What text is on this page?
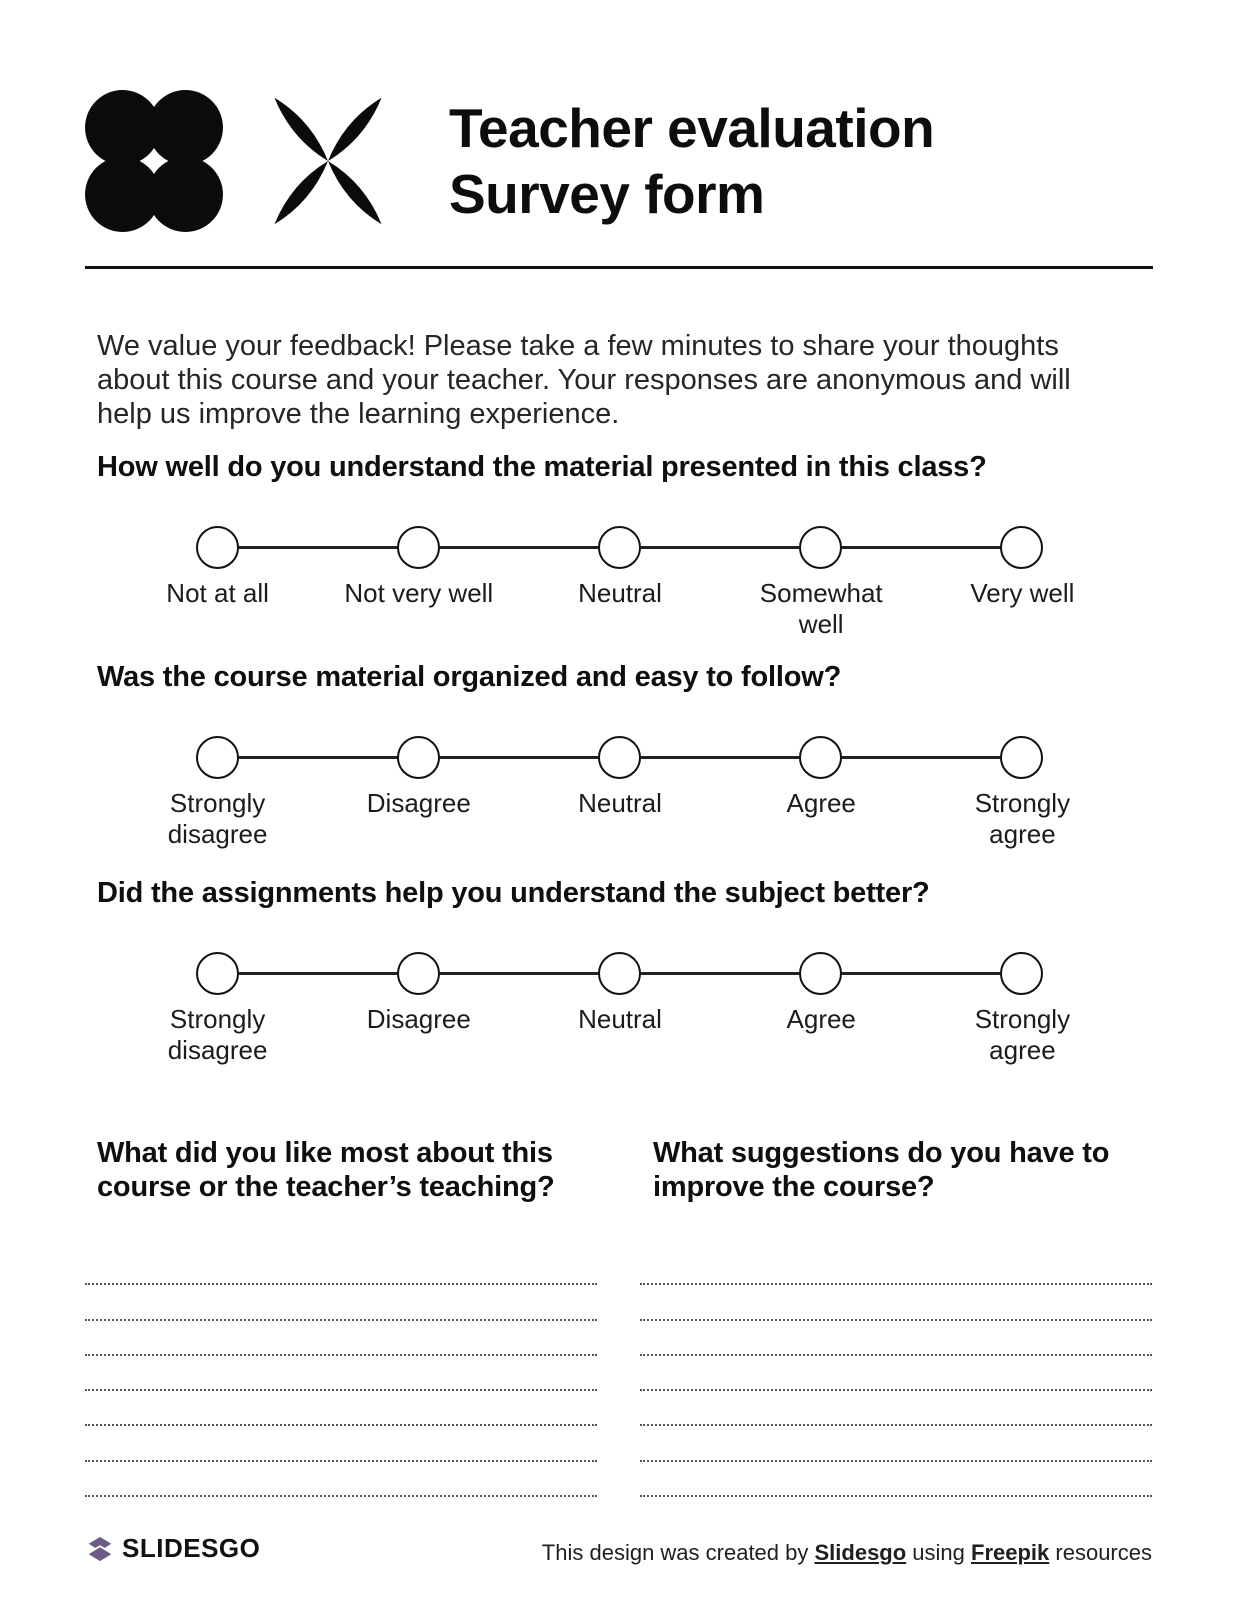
Teacher evaluation
Survey form

We value your feedback! Please take a few minutes to share your thoughts about this course and your teacher. Your responses are anonymous and will help us improve the learning experience.

How well do you understand the material presented in this class?
Not at all	Not very well	Neutral	Somewhat well
Very well
Was the course material organized and easy to follow?
Strongly disagree
Disagree	Neutral	Agree	Strongly agree
Did the assignments help you understand the subject better?
Strongly disagree
Disagree	Neutral	Agree	Strongly agree
What did you like most about this course or the teacher’s teaching?
What suggestions do you have to improve the course?
SLIDESGO	This design was created by Slidesgo using Freepik resources
